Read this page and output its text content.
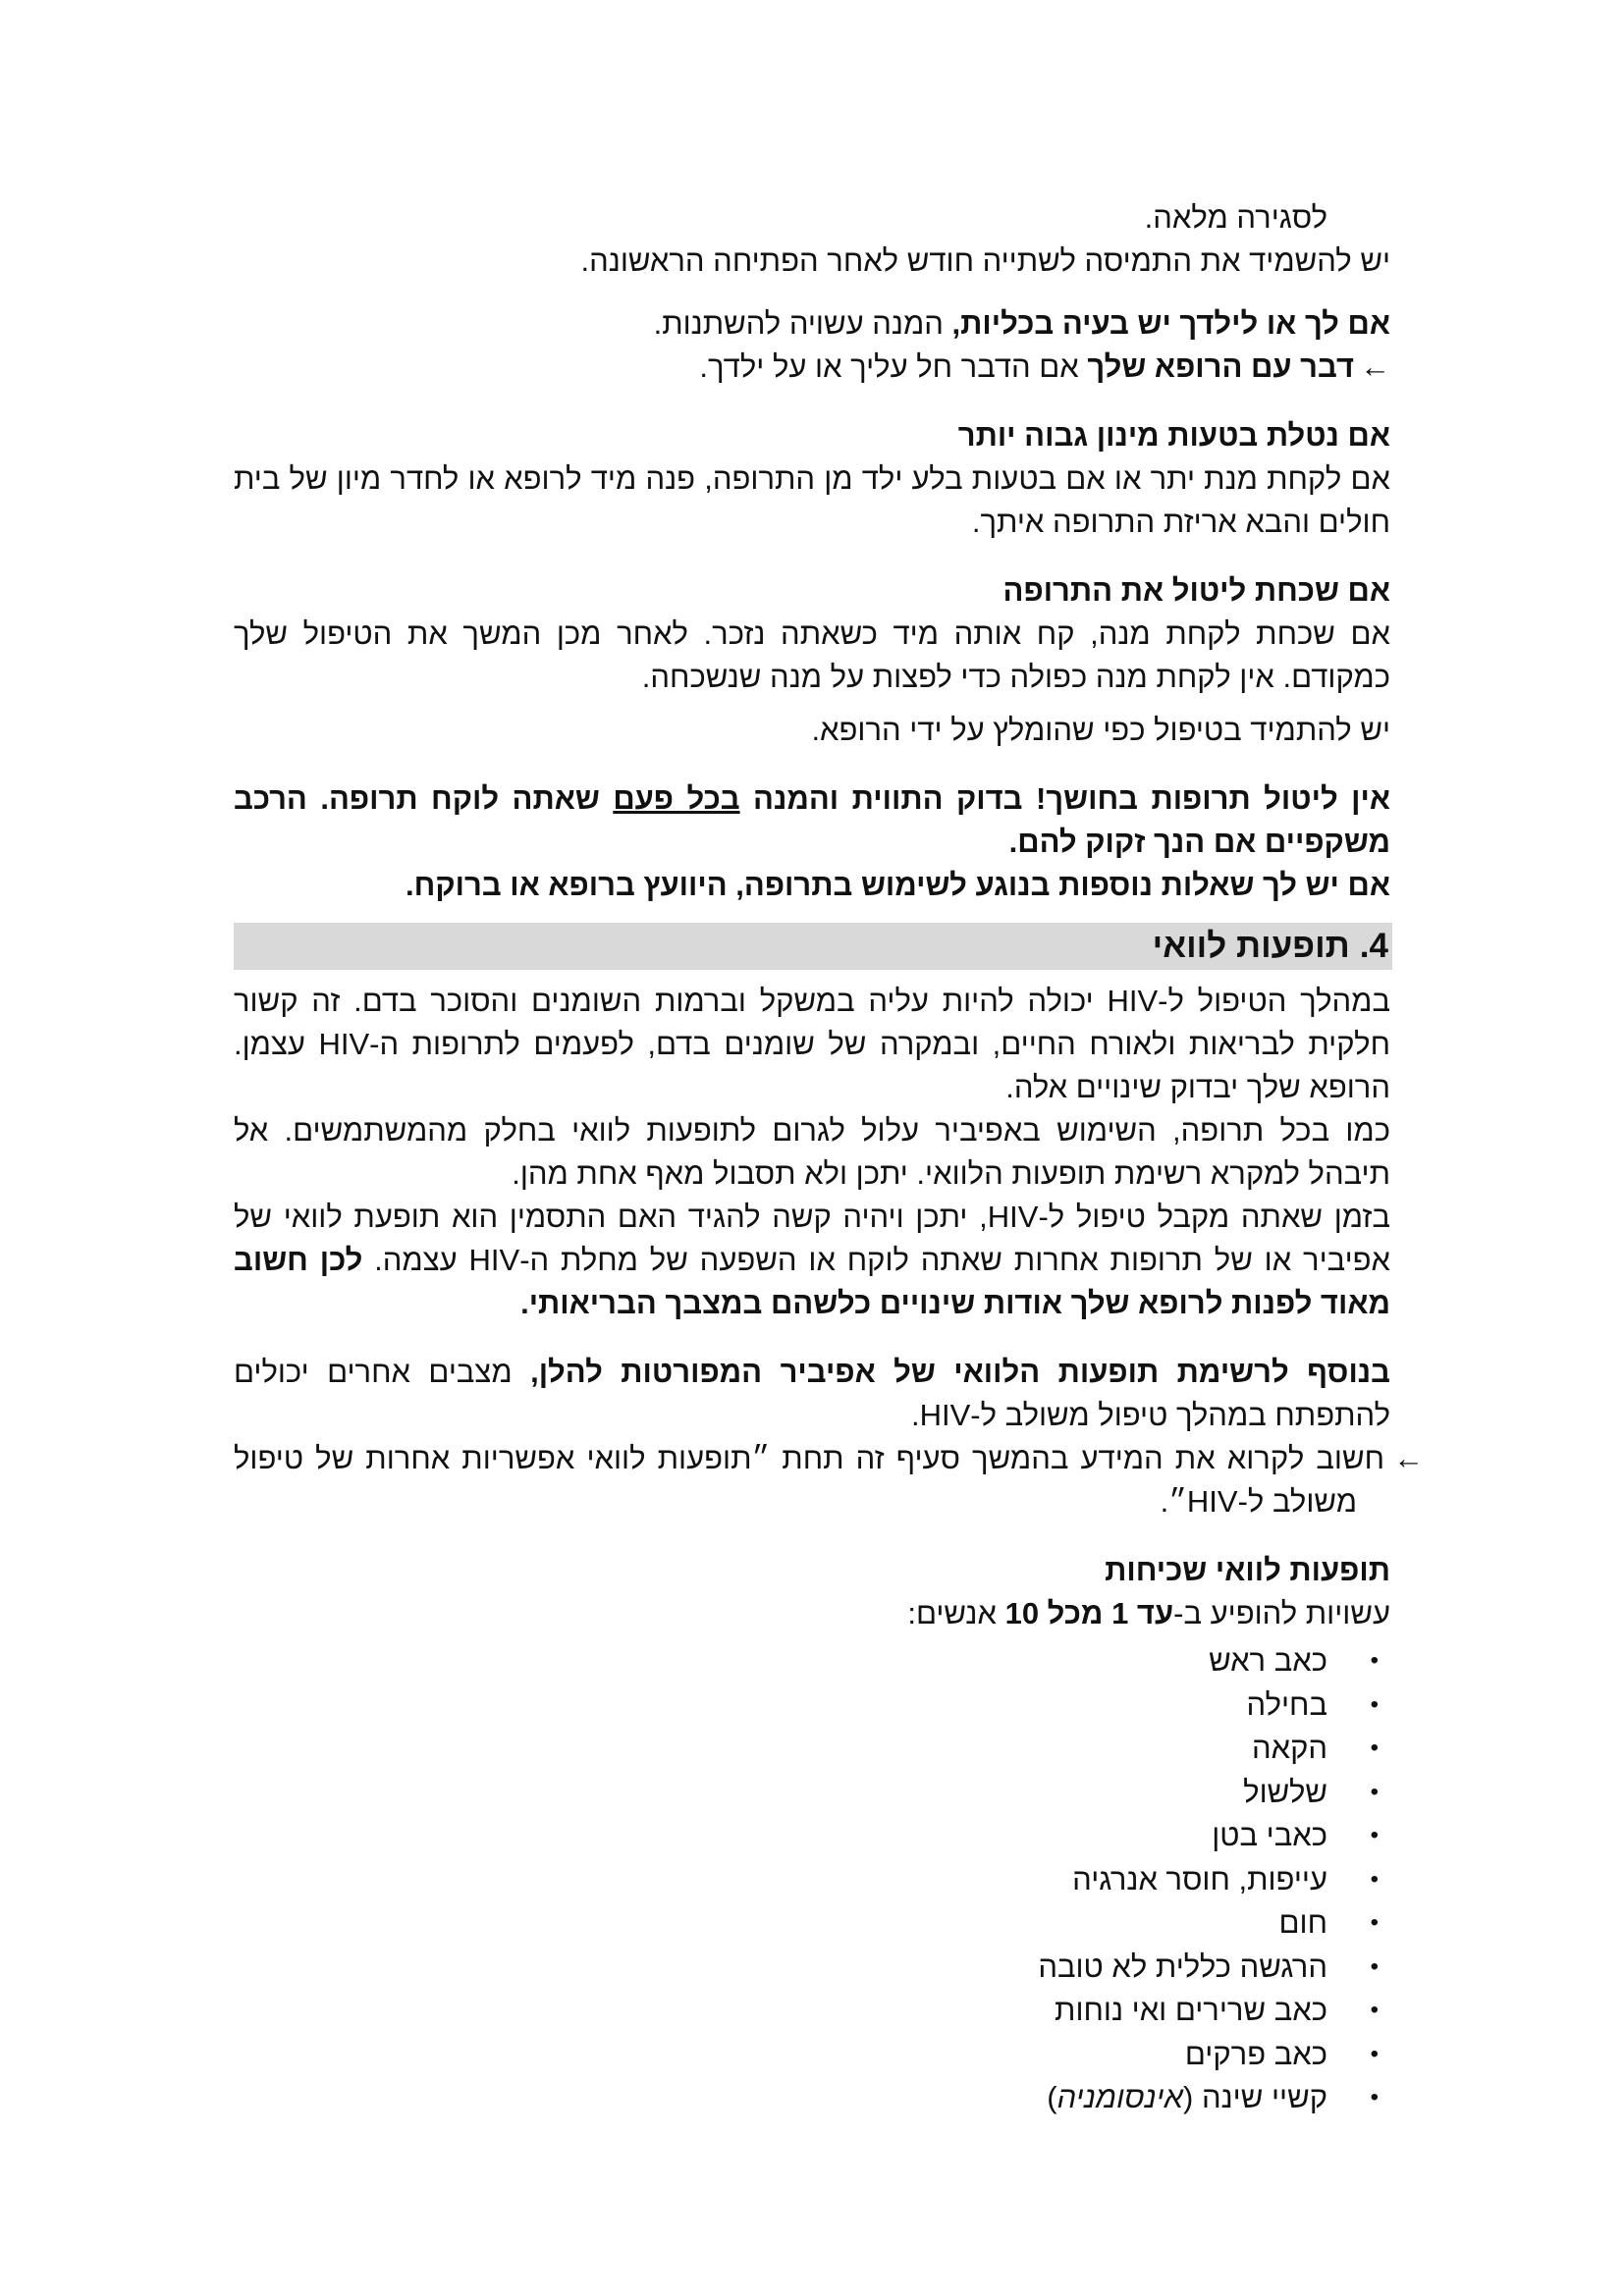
לסגירה מלאה.

יש להשמיד את התמיסה לשתייה חודש לאחר הפתיחה הראשונה.

אם לך או לילדך יש בעיה בכליות, המנה עשויה להשתנות.

←דבר עם הרופא שלך אם הדבר חל עליך או על ילדך.

אם נטלת בטעות מינון גבוה יותר

אם לקחת מנת יתר או אם בטעות בלע ילד מן התרופה, פנה מיד לרופא או לחדר מיון של בית חולים והבא אריזת התרופה איתך.

אם שכחת ליטול את התרופה

אם שכחת לקחת מנה, קח אותה מיד כשאתה נזכר. לאחר מכן המשך את הטיפול שלך כמקודם. אין לקחת מנה כפולה כדי לפצות על מנה שנשכחה.

יש להתמיד בטיפול כפי שהומלץ על ידי הרופא.

אין ליטול תרופות בחושך! בדוק התווית והמנה בכל פעם שאתה לוקח תרופה. הרכב משקפיים אם הנך זקוק להם.

אם יש לך שאלות נוספות בנוגע לשימוש בתרופה, היוועץ ברופא או ברוקח.

4.תופעות לוואי

במהלך הטיפול ל-HIV יכולה להיות עליה במשקל וברמות השומנים והסוכר בדם. זה קשור חלקית לבריאות ולאורח החיים, ובמקרה של שומנים בדם, לפעמים לתרופות ה-HIV עצמן. הרופא שלך יבדוק שינויים אלה.

כמו בכל תרופה, השימוש באפיביר עלול לגרום לתופעות לוואי בחלק מהמשתמשים. אל תיבהל למקרא רשימת תופעות הלוואי. יתכן ולא תסבול מאף אחת מהן.

בזמן שאתה מקבל טיפול ל-HIV, יתכן ויהיה קשה להגיד האם התסמין הוא תופעת לוואי של אפיביר או של תרופות אחרות שאתה לוקח או השפעה של מחלת ה-HIV עצמה. לכן חשוב מאוד לפנות לרופא שלך אודות שינויים כלשהם במצבך הבריאותי.

בנוסף לרשימת תופעות הלוואי של אפיביר המפורטות להלן, מצבים אחרים יכולים להתפתח במהלך טיפול משולב ל-HIV.

←חשוב לקרוא את המידע בהמשך סעיף זה תחת ״תופעות לוואי אפשריות אחרות של טיפול משולב ל-HIV״.

תופעות לוואי שכיחות

עשויות להופיע ב-עד 1 מכל 10 אנשים:

•
כאב ראש
•
בחילה
•
הקאה
•
שלשול
•
כאבי בטן
•
עייפות, חוסר אנרגיה
•
חום
•
הרגשה כללית לא טובה
•
כאב שרירים ואי נוחות
•
כאב פרקים
•
קשיי שינה (אינסומניה)
